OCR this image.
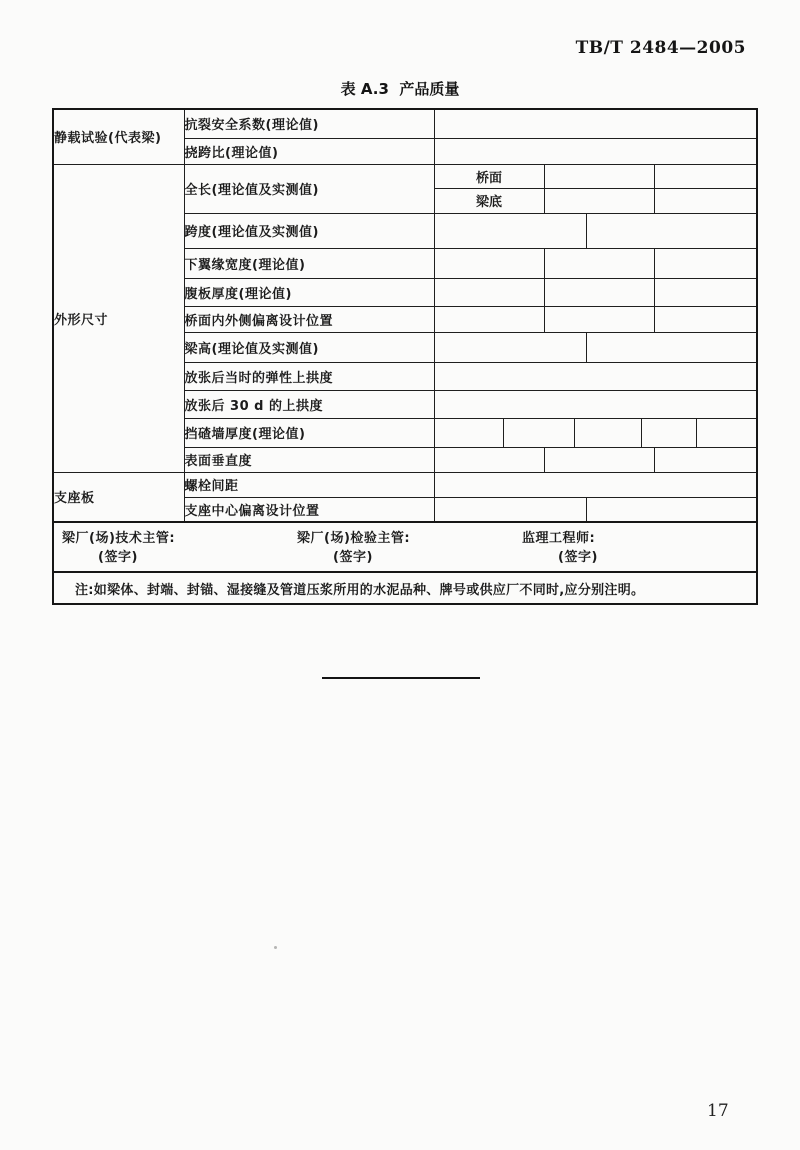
TB/T 2484—2005
表 A.3  产品质量
静载试验(代表梁)	抗裂安全系数(理论值)								
	挠跨比(理论值)								
外形尺寸	全长(理论值及实测值)	桥面							
		梁底							
	跨度(理论值及实测值)								
	下翼缘宽度(理论值)								
	腹板厚度(理论值)								
	桥面内外侧偏离设计位置								
	梁高(理论值及实测值)								
	放张后当时的弹性上拱度								
	放张后 30 d 的上拱度								
	挡碴墙厚度(理论值)								
	表面垂直度								
支座板	螺栓间距								
	支座中心偏离设计位置								

梁厂(场)技术主管:
(签字)
梁厂(场)检验主管:
(签字)
监理工程师:
(签字)

注:如梁体、封端、封锚、湿接缝及管道压浆所用的水泥品种、牌号或供应厂不同时,应分别注明。									
17
